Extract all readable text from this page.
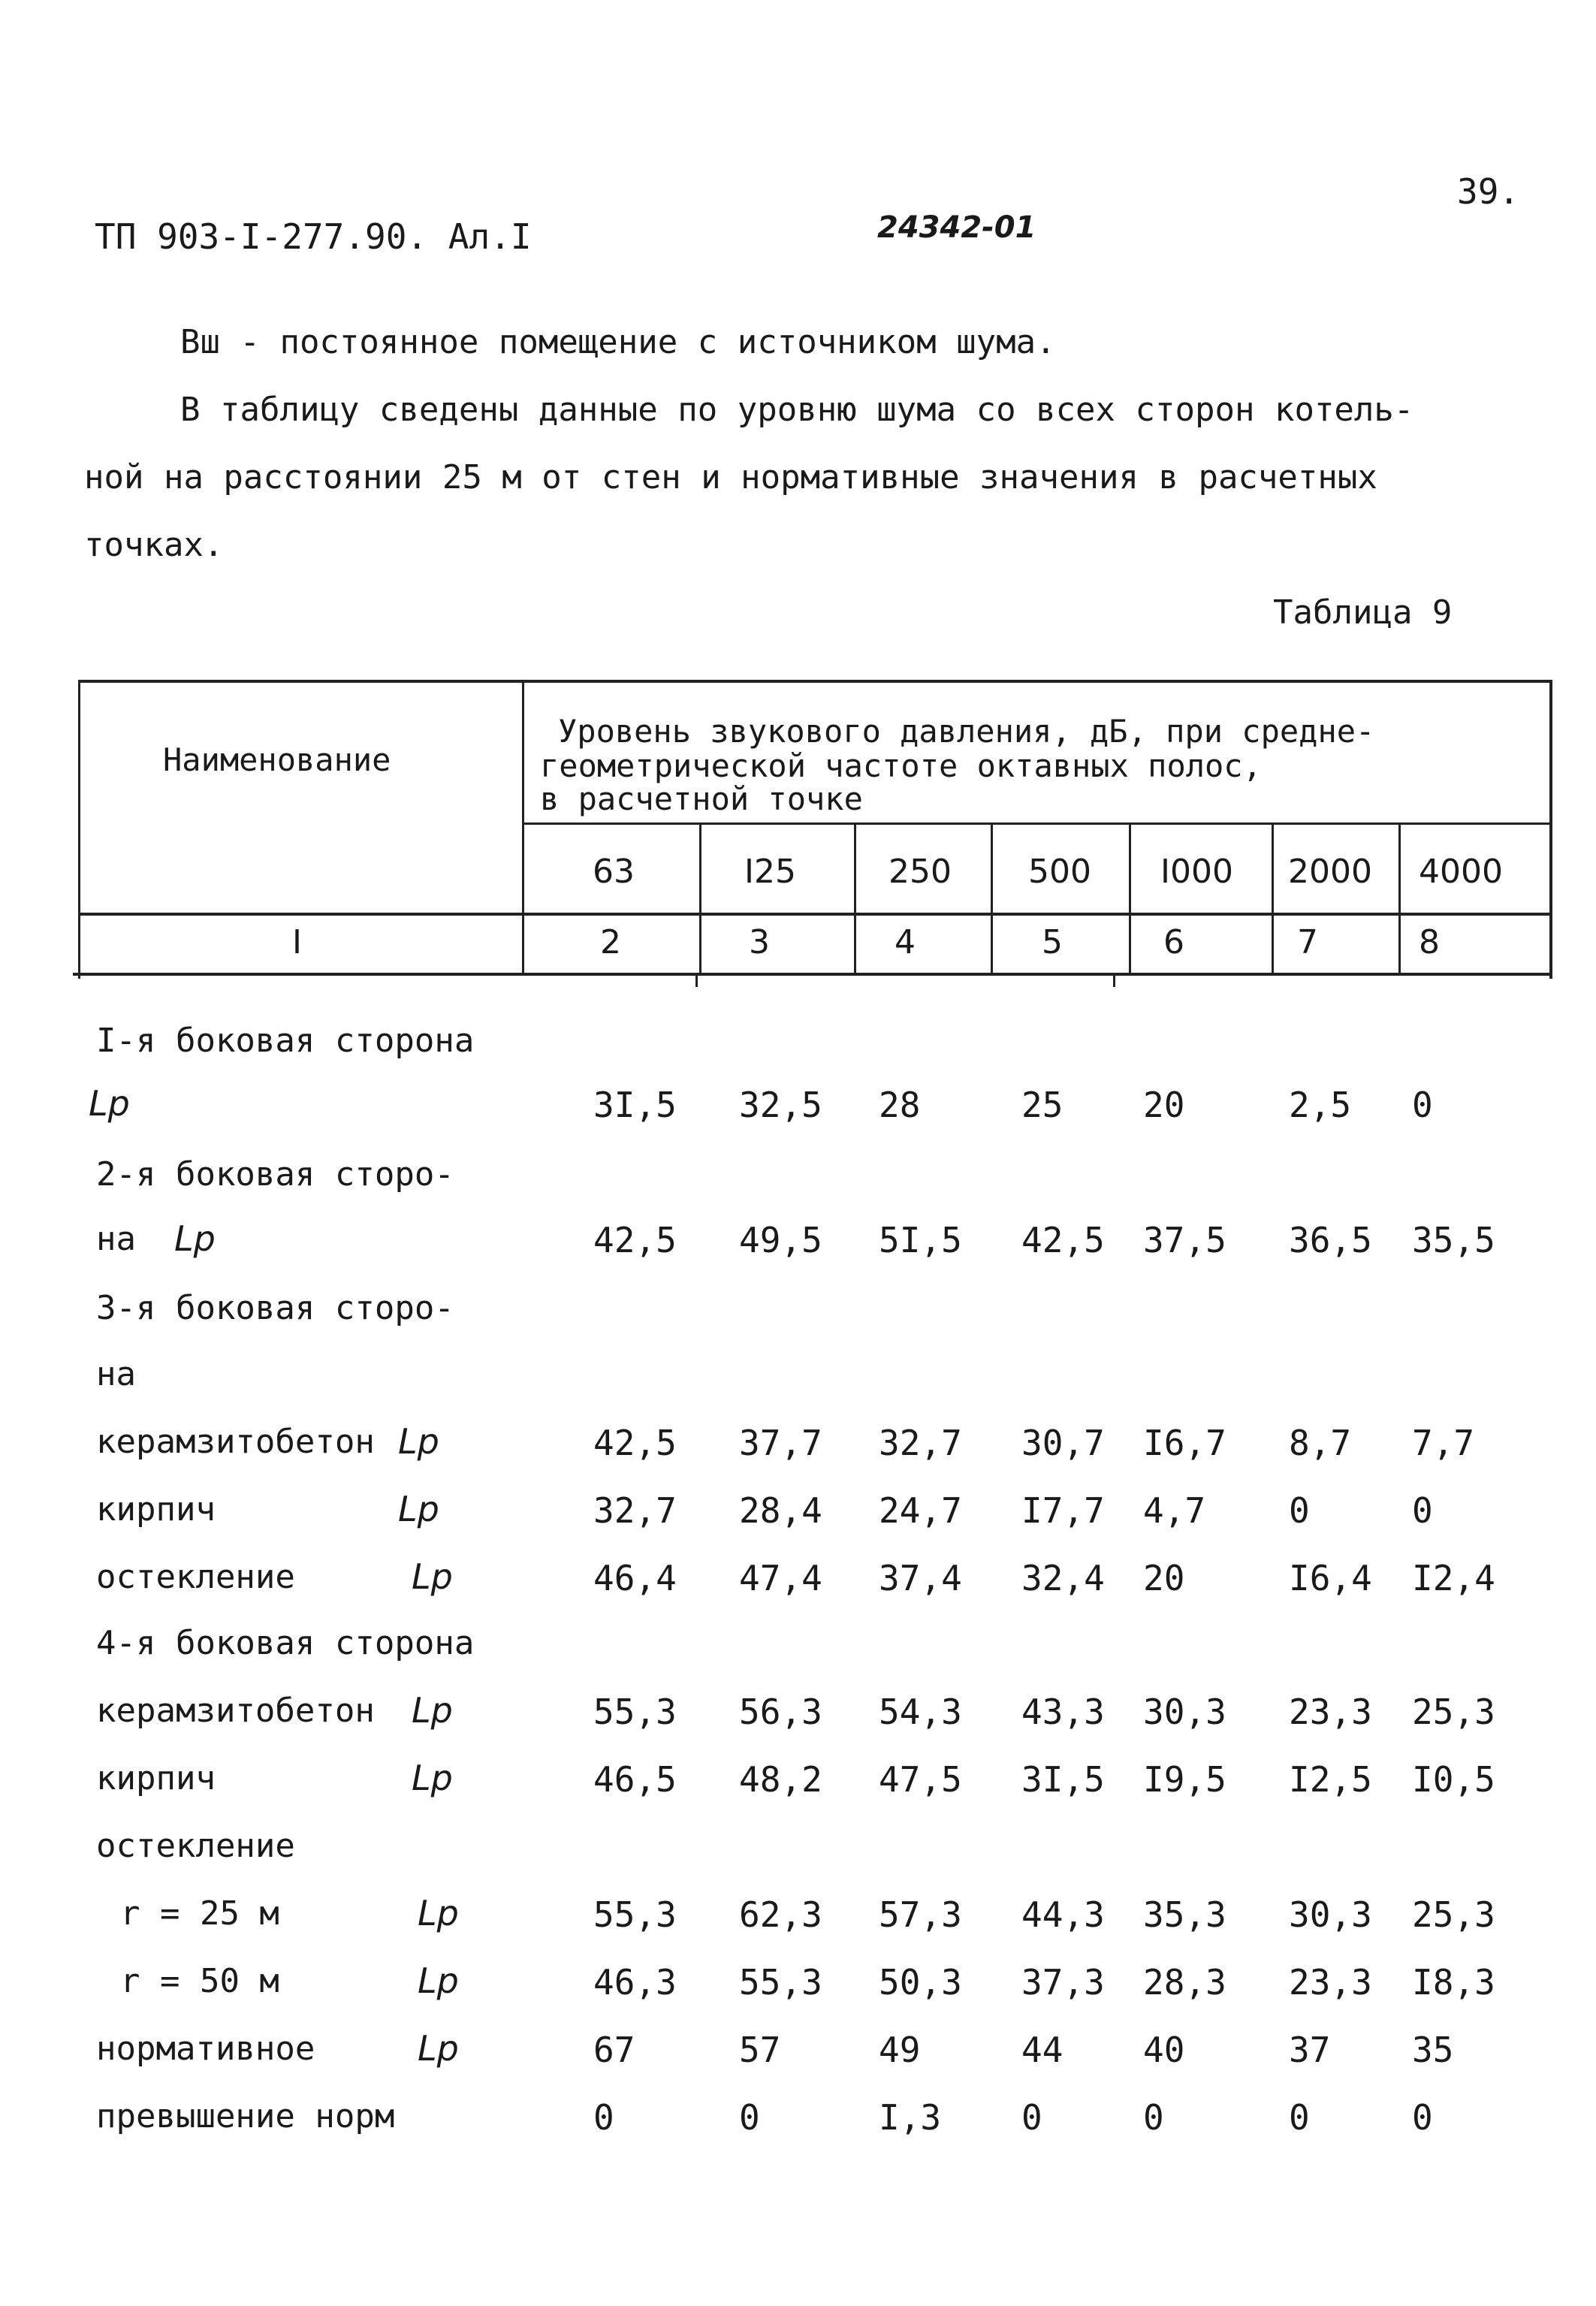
ТП 903-I-277.90. Ал.I	24342-01
39.
Вш - постоянное помещение с источником шума.
В таблицу сведены данные по уровню шума со всех сторон котель-
ной на расстоянии 25 м от стен и нормативные значения в расчетных
точках.
Таблица 9
Наименование
Уровень звукового давления, дБ, при средне-
геометрической частоте октавных полос,
в расчетной точке
63	I25	250 500 I000 2000 4000
I	2	3	4	5	6	7	8
I-я боковая сторона
Lр	3I,5 32,5 28	25 20	2,5 0
2-я боковая сторо-
на Lр	42,5 49,5 5I,5 42,5 37,5 36,5 35,5
3-я боковая сторо-
на
керамзитобетон Lр	42,5 37,7 32,7 30,7 I6,7 8,7 7,7
кирпич	Lр	32,7 28,4 24,7 I7,7 4,7 0	0
остекление	Lр	46,4 47,4 37,4 32,4 20	I6,4 I2,4
4-я боковая сторона
керамзитобетон Lр	55,3 56,3 54,3 43,3 30,3 23,3 25,3
кирпич	Lр	46,5 48,2 47,5 3I,5 I9,5 I2,5 I0,5
остекление
r = 25 м	Lр	55,3 62,3 57,3 44,3 35,3 30,3 25,3
r = 50 м	Lр	46,3 55,3 50,3 37,3 28,3 23,3 I8,3
нормативное	Lр	67	57	49	44 40	37 35
превышение норм	0	0	I,3 0	0	0	0
